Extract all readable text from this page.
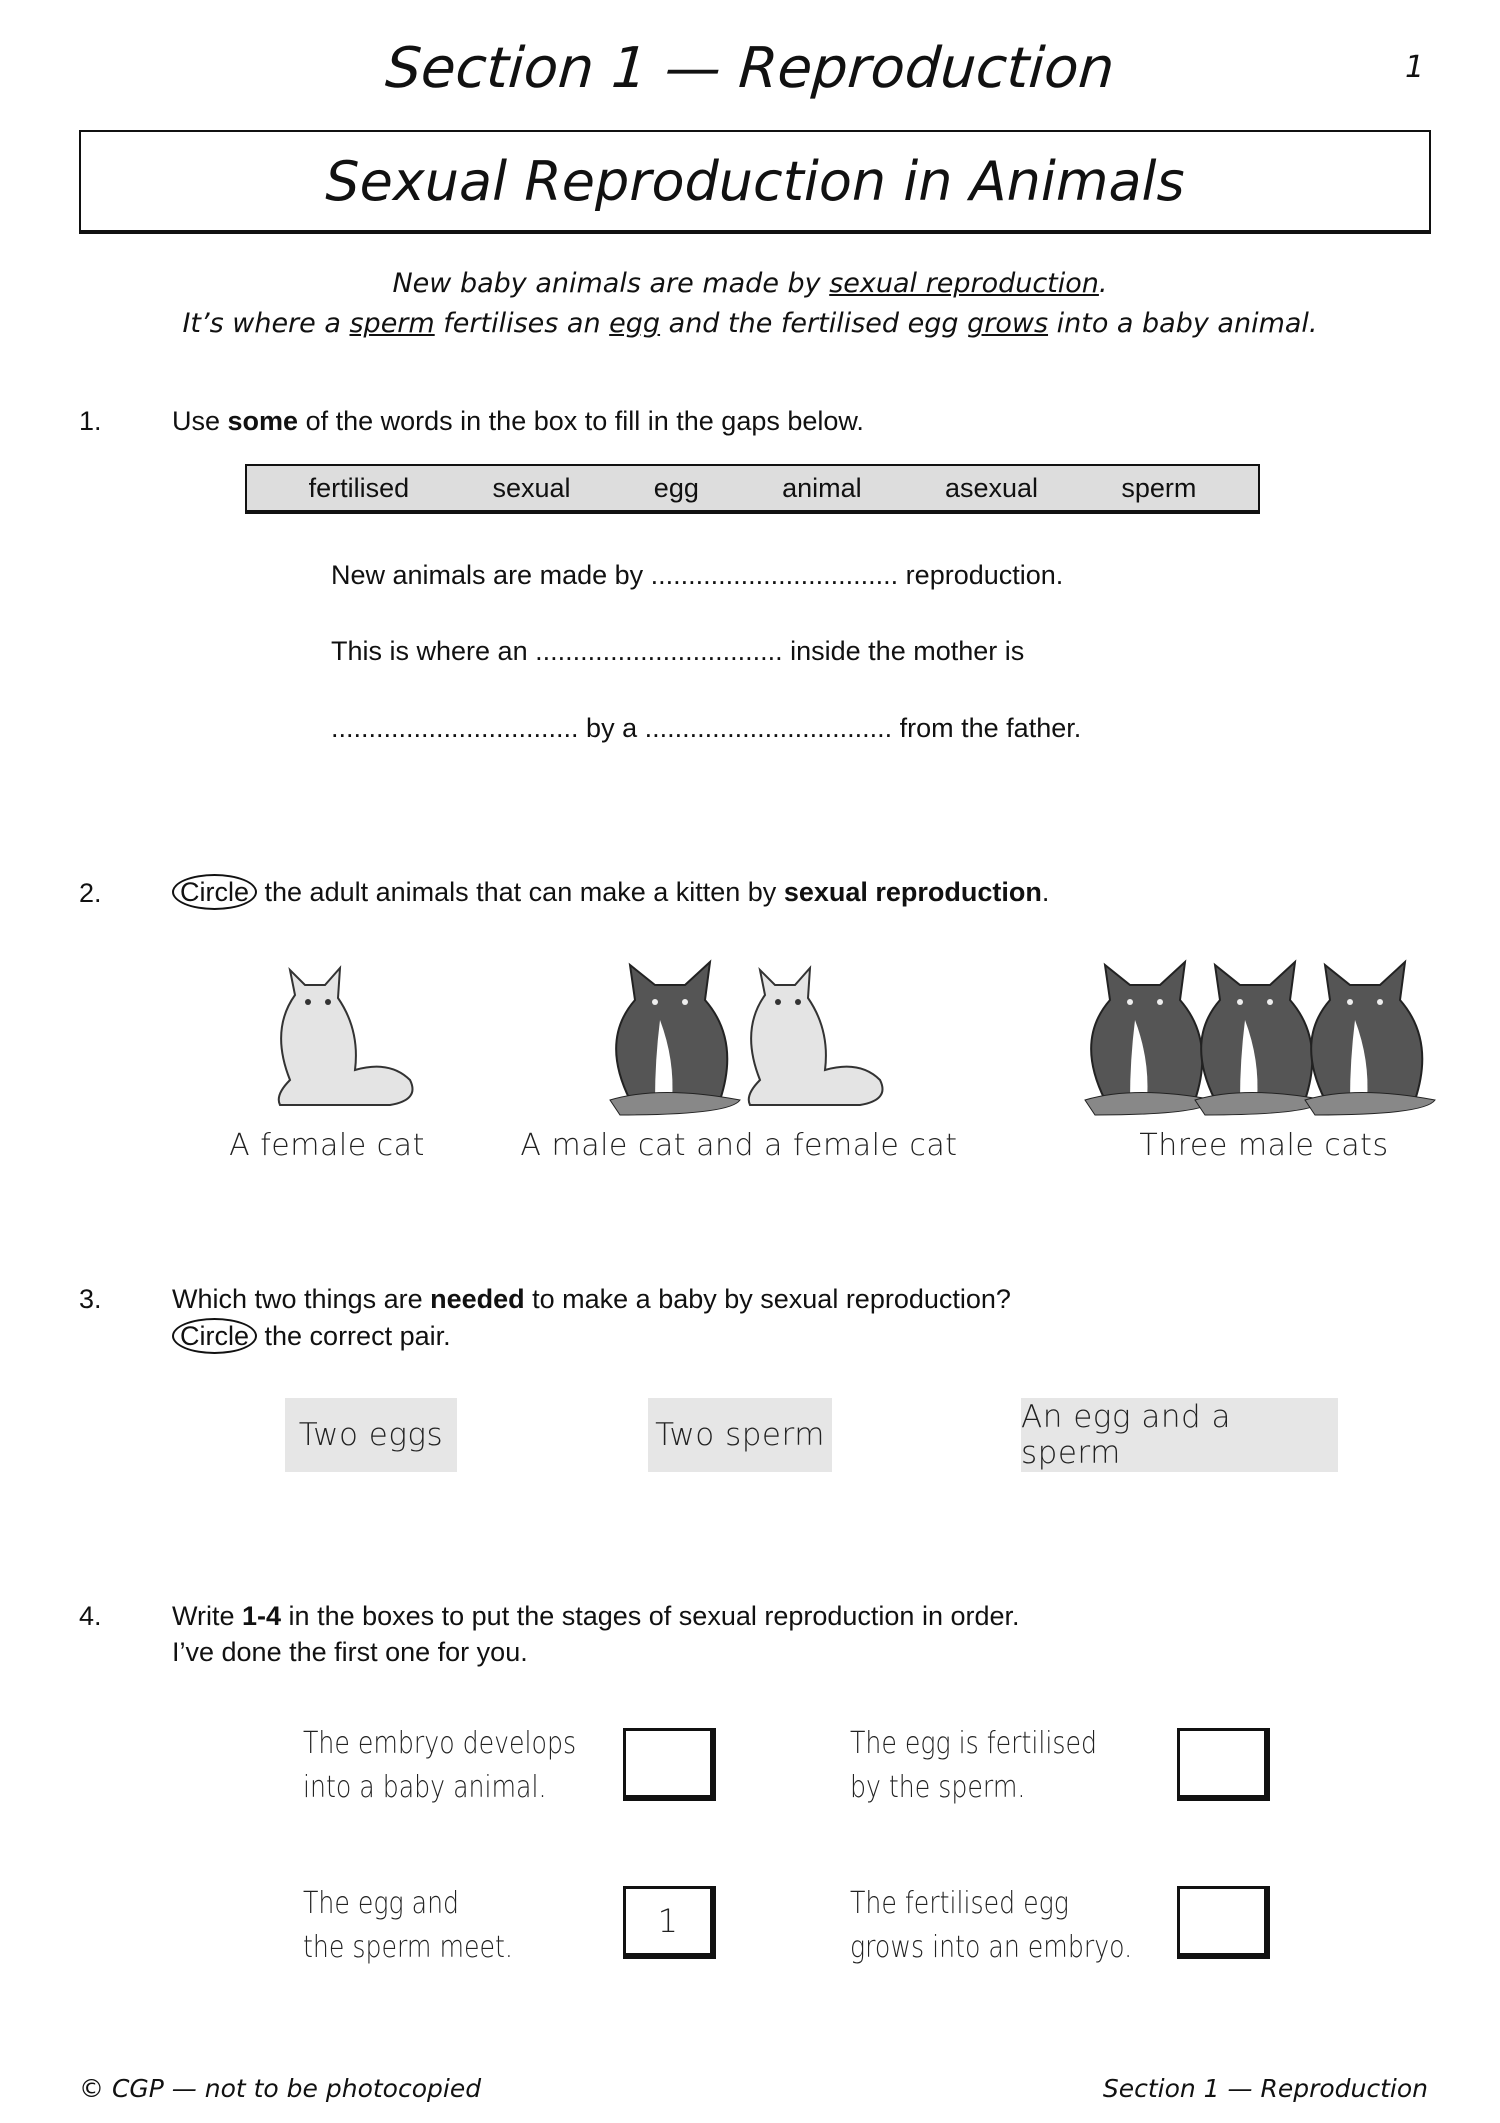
Section 1 — Reproduction	1
Sexual Reproduction in Animals
New baby animals are made by sexual reproduction.
It’s where a sperm fertilises an egg and the fertilised egg grows into a baby animal.
1.	Use some of the words in the box to fill in the gaps below.
fertilised	sexual	egg	animal	asexual	sperm
New animals are made by ................................. reproduction.
This is where an ................................. inside the mother is
................................. by a ................................. from the father.
2.	Circle the adult animals that can make a kitten by sexual reproduction.
A female cat	A male cat and a female cat	Three male cats
3.	Which two things are needed to make a baby by sexual reproduction?
Circle the correct pair.
Two eggs	Two sperm	An egg and a sperm
4.	Write 1-4 in the boxes to put the stages of sexual reproduction in order.
I’ve done the first one for you.
The embryo develops
into a baby animal.
The egg is fertilised
by the sperm.
The egg and
the sperm meet.
1	The fertilised egg
grows into an embryo.
© CGP — not to be photocopied	Section 1 — Reproduction
